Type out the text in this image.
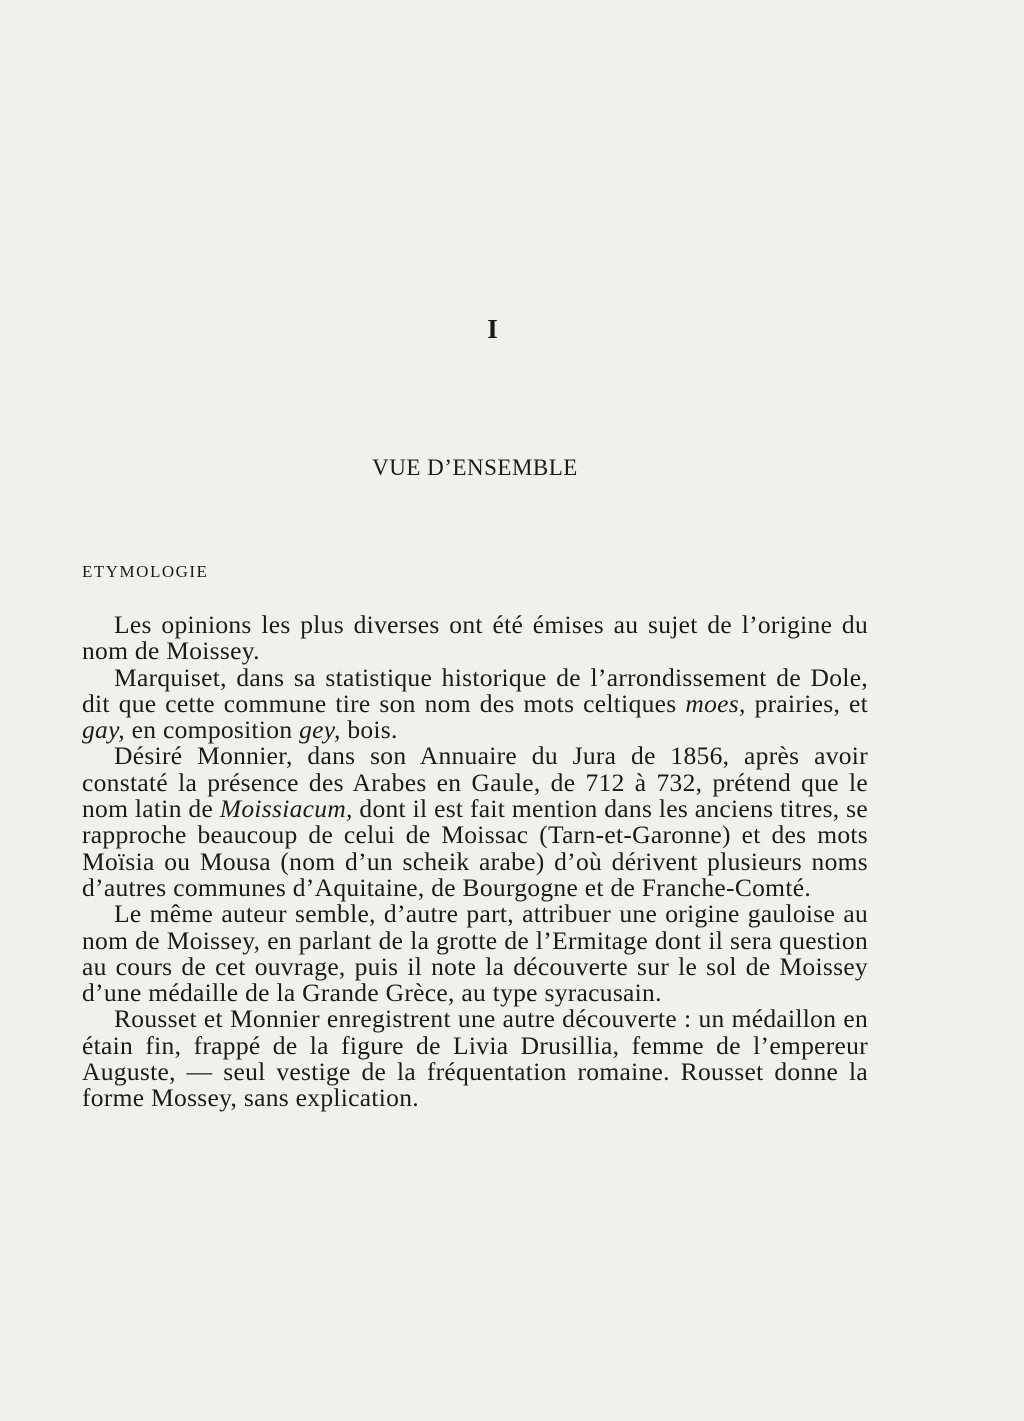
I
VUE D’ENSEMBLE
ETYMOLOGIE

Les opinions les plus diverses ont été émises au sujet de l’origine du nom de Moissey.

Marquiset, dans sa statistique historique de l’arrondissement de Dole, dit que cette commune tire son nom des mots celtiques moes, prairies, et gay, en composition gey, bois.

Désiré Monnier, dans son Annuaire du Jura de 1856, après avoir constaté la présence des Arabes en Gaule, de 712 à 732, prétend que le nom latin de Moissiacum, dont il est fait mention dans les anciens titres, se rapproche beaucoup de celui de Moissac (Tarn-et-Garonne) et des mots Moïsia ou Mousa (nom d’un scheik arabe) d’où dérivent plusieurs noms d’autres communes d’Aquitaine, de Bourgogne et de Franche-Comté.

Le même auteur semble, d’autre part, attribuer une origine gauloise au nom de Moissey, en parlant de la grotte de l’Ermitage dont il sera question au cours de cet ouvrage, puis il note la découverte sur le sol de Moissey d’une médaille de la Grande Grèce, au type syracusain.

Rousset et Monnier enregistrent une autre découverte : un médaillon en étain fin, frappé de la figure de Livia Drusillia, femme de l’empereur Auguste, — seul vestige de la fréquentation romaine. Rousset donne la forme Mossey, sans explication.
